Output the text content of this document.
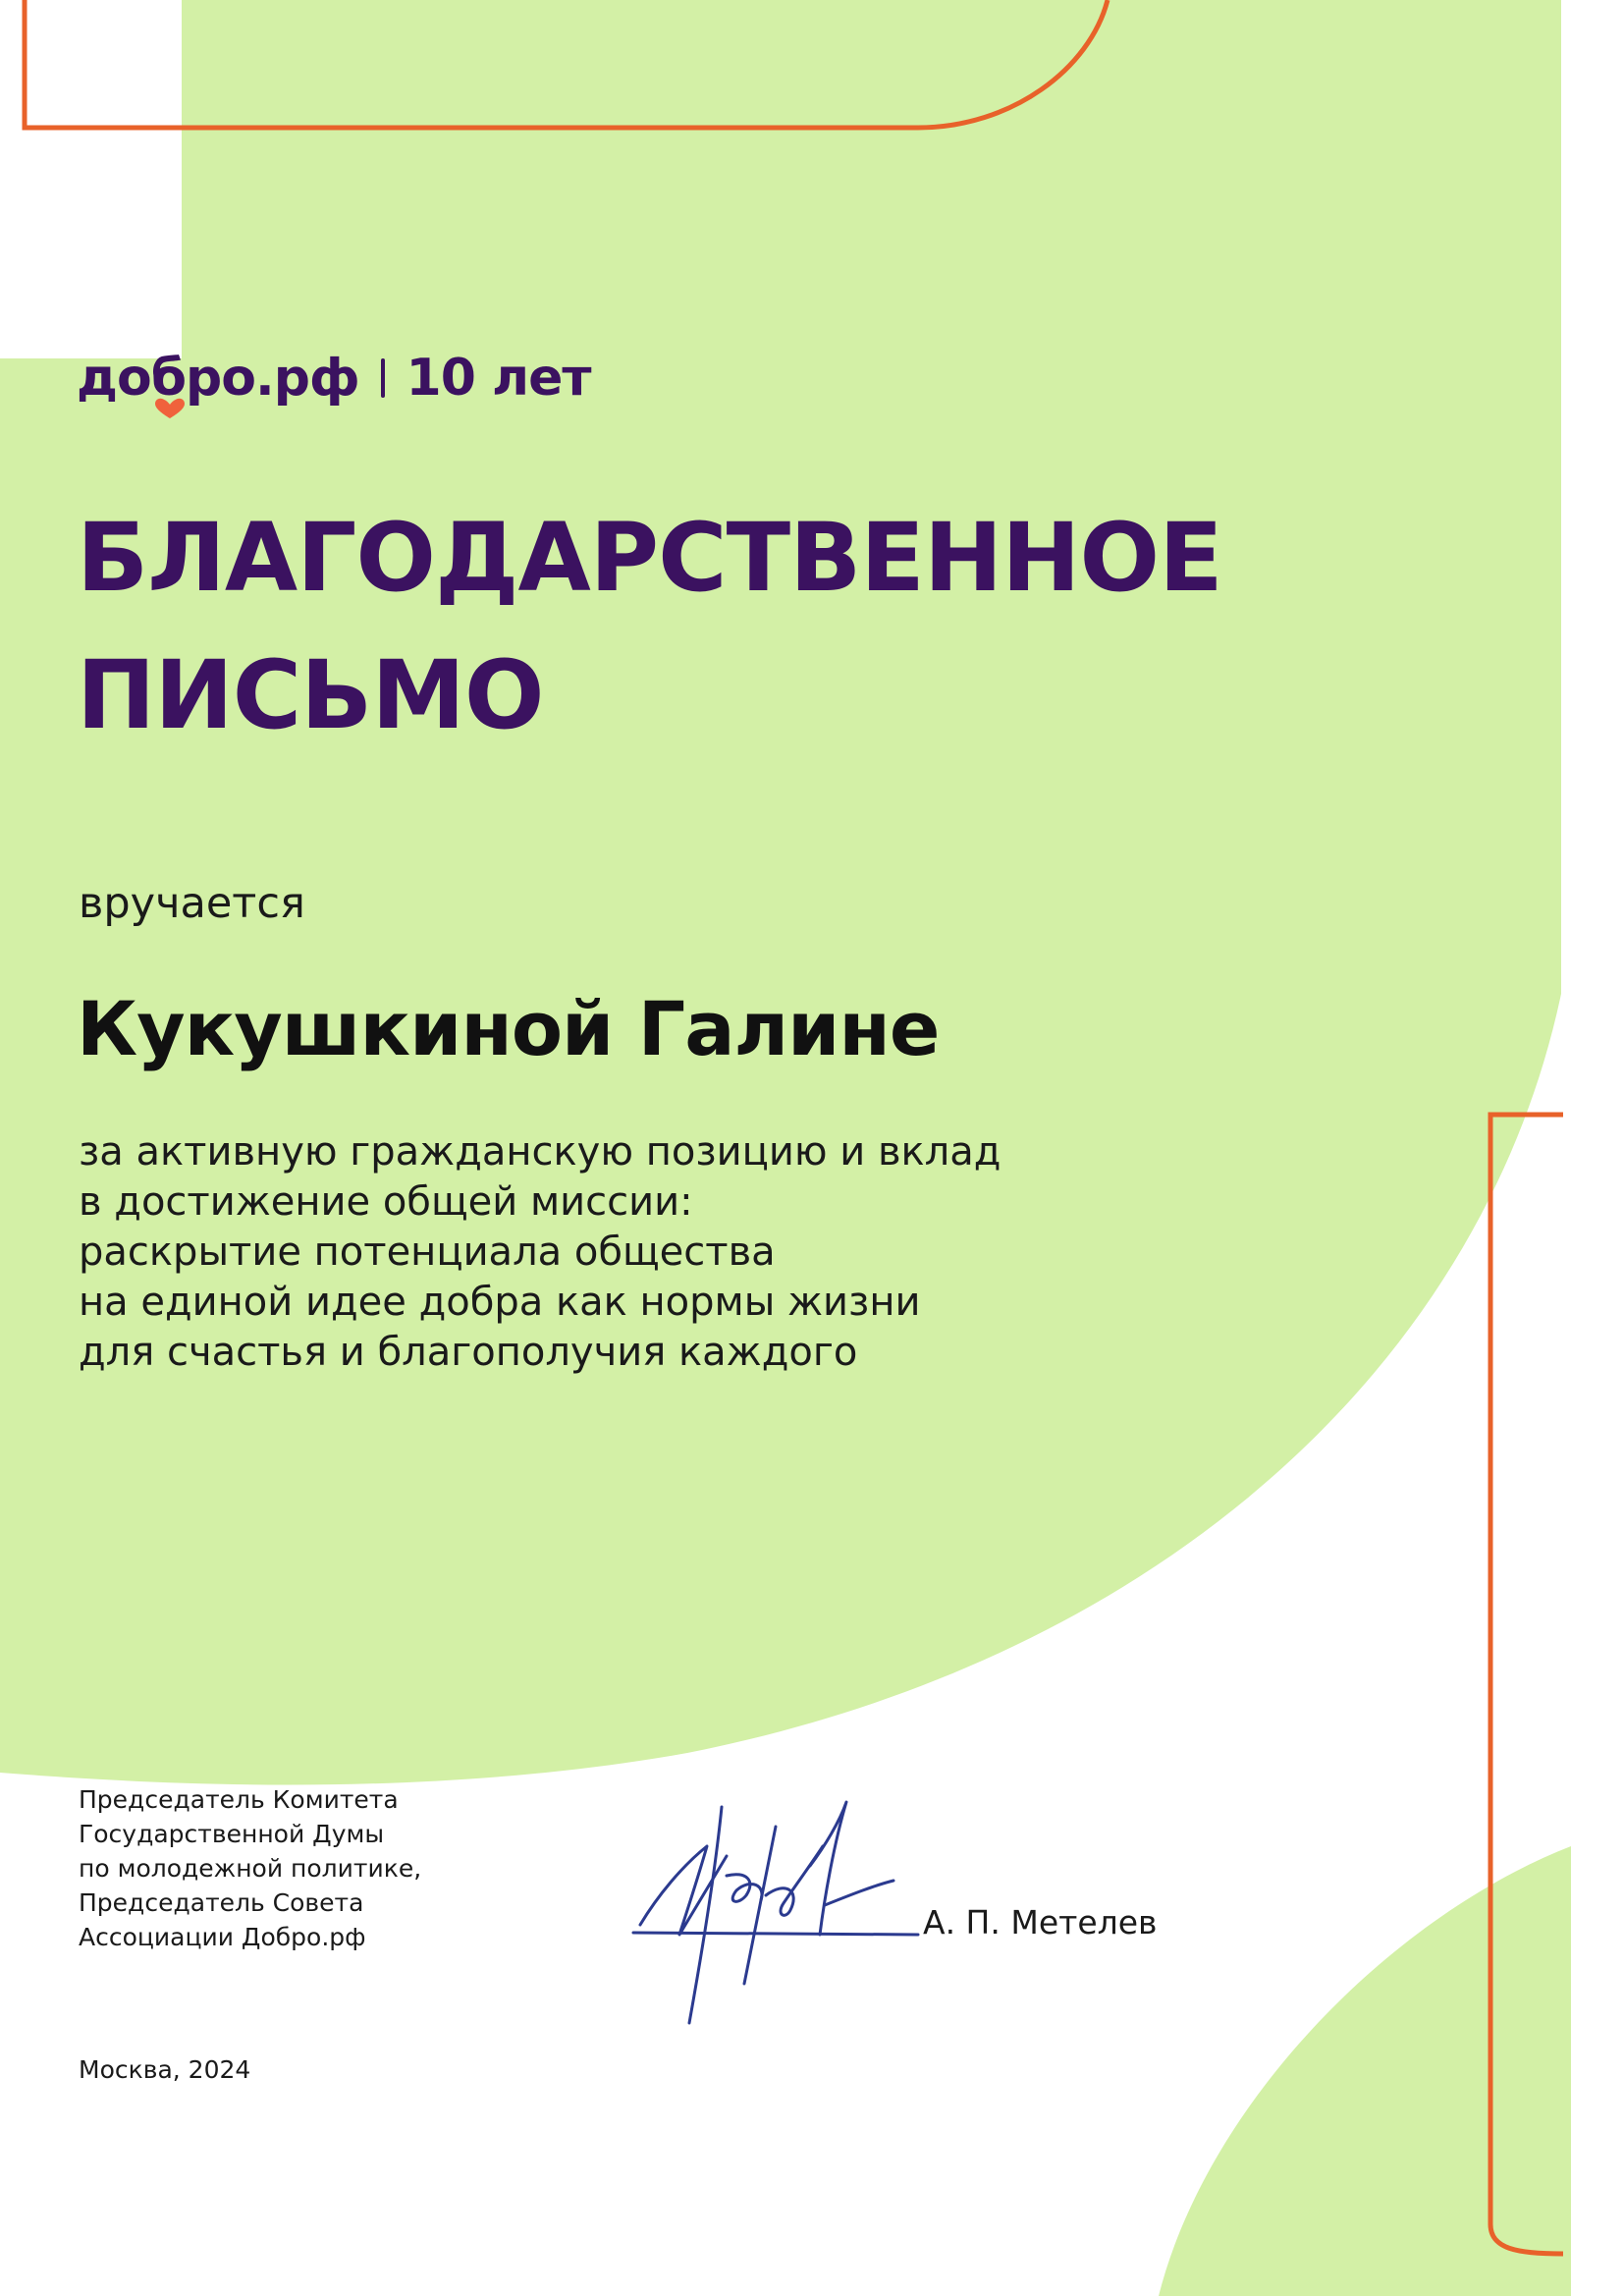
добро.рф 10 лет
БЛАГОДАРСТВЕННОЕ
ПИСЬМО
вручается
Кукушкиной Галине
за активную гражданскую позицию и вклад
в достижение общей миссии:
раскрытие потенциала общества
на единой идее добра как нормы жизни
для счастья и благополучия каждого
Председатель Комитета
Государственной Думы
по молодежной политике,
Председатель Совета
Ассоциации Добро.рф	А. П. Метелев
Москва, 2024
